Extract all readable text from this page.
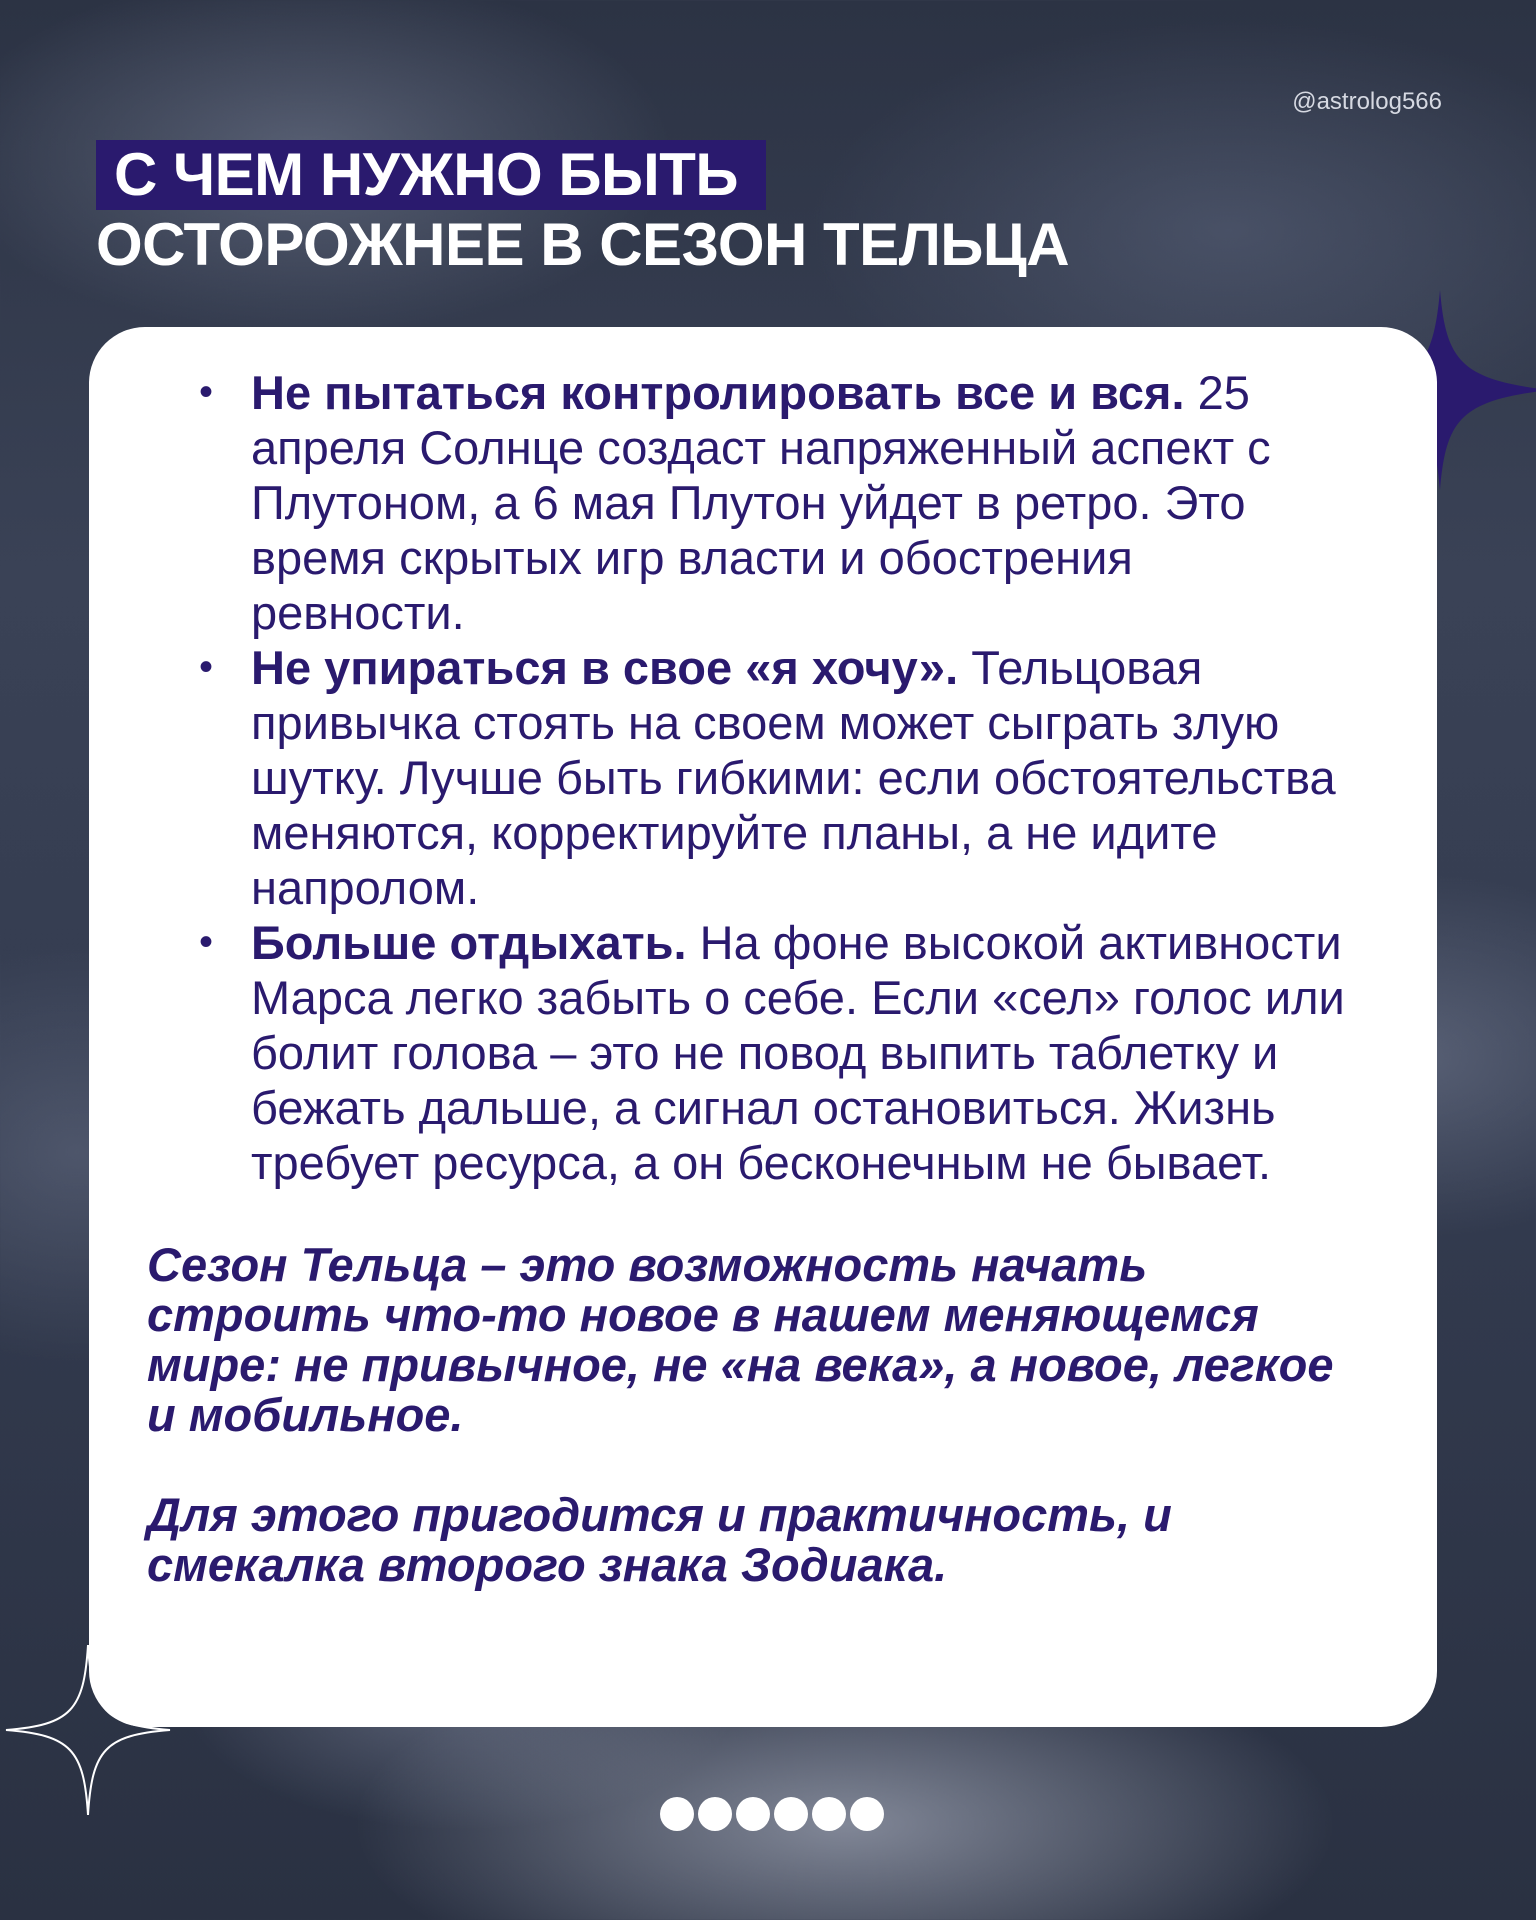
@astrolog566
С ЧЕМ НУЖНО БЫТЬ
ОСТОРОЖНЕЕ В СЕЗОН ТЕЛЬЦА
• Не пытаться контролировать все и вся. 25 апреля Солнце создаст напряженный аспект с Плутоном, а 6 мая Плутон уйдет в ретро. Это время скрытых игр власти и обострения ревности.
• Не упираться в свое «я хочу». Тельцовая привычка стоять на своем может сыграть злую шутку. Лучше быть гибкими: если обстоятельства меняются, корректируйте планы, а не идите напролом.
• Больше отдыхать. На фоне высокой активности Марса легко забыть о себе. Если «сел» голос или болит голова – это не повод выпить таблетку и бежать дальше, а сигнал остановиться. Жизнь требует ресурса, а он бесконечным не бывает.

Сезон Тельца – это возможность начать строить что-то новое в нашем меняющемся мире: не привычное, не «на века», а новое, легкое и мобильное.

Для этого пригодится и практичность, и смекалка второго знака Зодиака.
